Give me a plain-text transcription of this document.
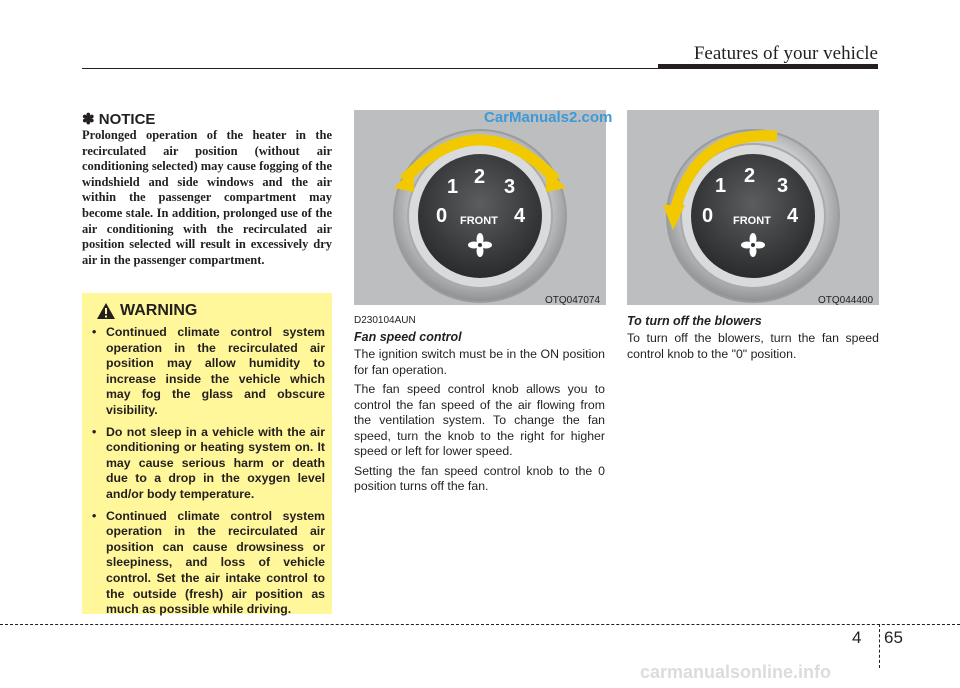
Features of your vehicle
✽ NOTICE
Prolonged operation of the heater in the recirculated air position (without air conditioning selected) may cause fogging of the windshield and side windows and the air within the passenger compartment may become stale. In addition, prolonged use of the air conditioning with the recirculated air position selected will result in excessively dry air in the passenger compartment.
WARNING
• Continued climate control system operation in the recirculated air position may allow humidity to increase inside the vehicle which may fog the glass and obscure visibility.
• Do not sleep in a vehicle with the air conditioning or heating system on. It may cause serious harm or death due to a drop in the oxygen level and/or body temperature.
• Continued climate control system operation in the recirculated air position can cause drowsiness or sleepiness, and loss of vehicle control. Set the air intake control to the outside (fresh) air position as much as possible while driving.
0
1 2 3
4
FRONT
CarManuals2.com
OTQ047074
0
1 2 3
4
FRONT
OTQ044400
D230104AUN
Fan speed control

The ignition switch must be in the ON position for fan operation.

The fan speed control knob allows you to control the fan speed of the air flowing from the ventilation system. To change the fan speed, turn the knob to the right for higher speed or left for lower speed.

Setting the fan speed control knob to the 0 position turns off the fan.

To turn off the blowers
To turn off the blowers, turn the fan speed control knob to the "0" position.
4 65
carmanualsonline.info
